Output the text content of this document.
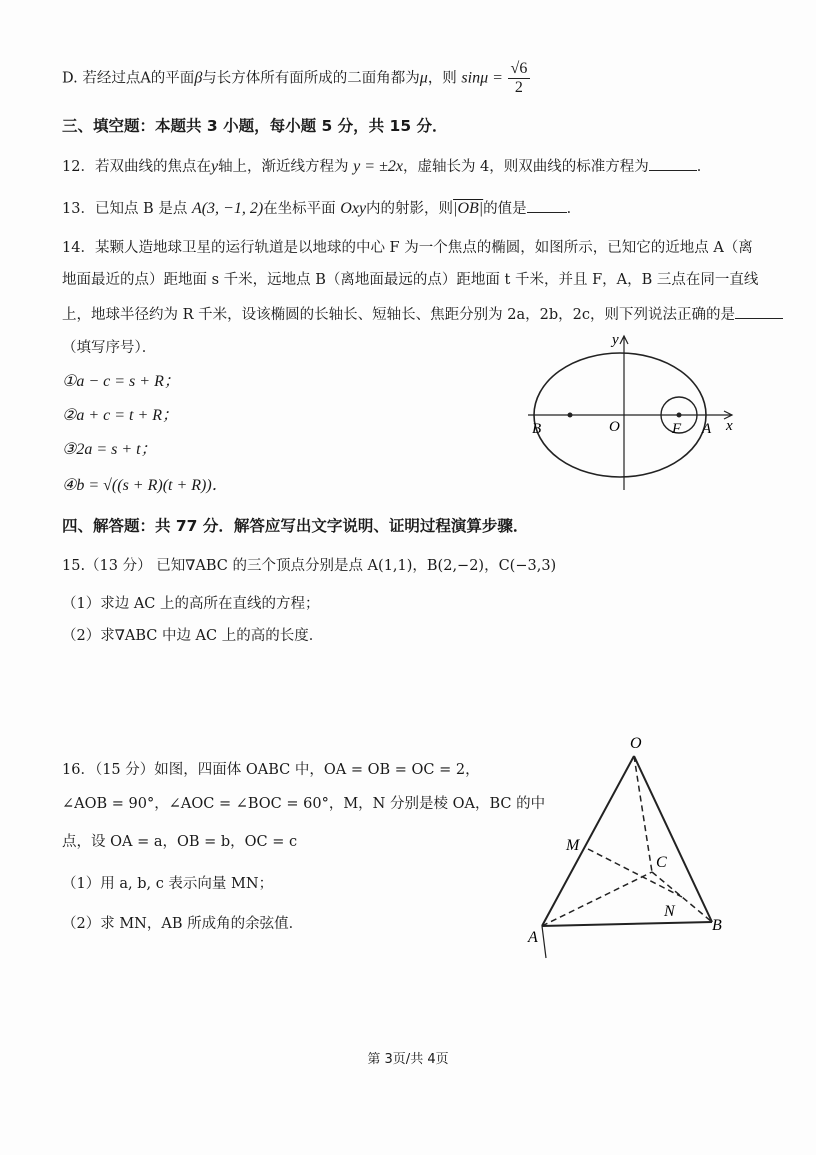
D. 若经过点A的平面β与长方体所有面所成的二面角都为μ，则 $\sin\mu = \frac{√6}{2}$
三、填空题：本题共 3 小题，每小题 5 分，共 15 分．
12．若双曲线的焦点在y轴上，渐近线方程为 y = ±2x，虚轴长为 4，则双曲线的标准方程为	．
13．已知点 B 是点 A(3, −1, 2)在坐标平面 Oxy内的射影，则|OB|的值是	．
14．某颗人造地球卫星的运行轨道是以地球的中心 F 为一个焦点的椭圆，如图所示，已知它的近地点 A（离
地面最近的点）距地面 s 千米，远地点 B（离地面最远的点）距地面 t 千米，并且 F，A，B 三点在同一直线
上，地球半径约为 R 千米，设该椭圆的长轴长、短轴长、焦距分别为 2a，2b，2c，则下列说法正确的是
（填写序号）．
①a − c = s + R；
②a + c = t + R；
③2a = s + t；
④b = √((s + R)(t + R))．
y
x
B	O	F A
四、解答题：共 77 分．解答应写出文字说明、证明过程演算步骤．
15.（13 分） 已知∇ABC 的三个顶点分别是点 A(1,1)，B(2,−2)，C(−3,3)
（1）求边 AC 上的高所在直线的方程；
（2）求∇ABC 中边 AC 上的高的长度．
16．（15 分）如图，四面体 OABC 中，OA = OB = OC = 2，
∠AOB = 90°，∠AOC = ∠BOC = 60°，M，N 分别是棱 OA，BC 的中
点，设 OA = a，OB = b，OC = c
（1）用 a, b, c 表示向量 MN；
（2）求 MN，AB 所成角的余弦值．
O
M
C
N
A
B
第 3页/共 4页
